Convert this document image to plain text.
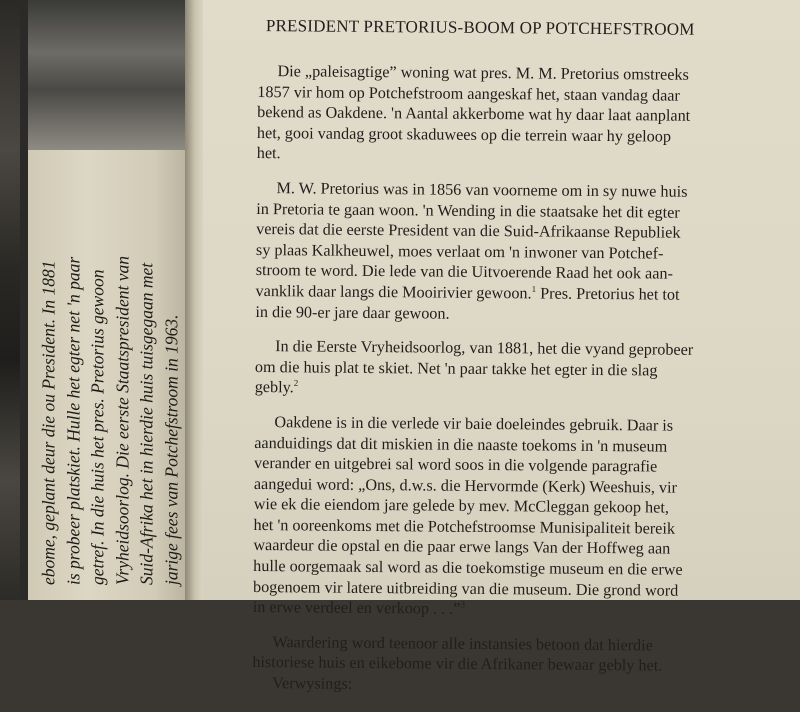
ebome, geplant deur die ou President. In 1881 is probeer platskiet. Hulle het egter net 'n paar getref. In die huis het pres. Pretorius gewoon Vryheidsoorlog. Die eerste Staatspresident van Suid-Afrika het in hierdie huis tuisgegaan met jarige fees van Potchefstroom in 1963.
PRESIDENT PRETORIUS-BOOM OP POTCHEFSTROOM
Die „paleisagtige” woning wat pres. M. M. Pretorius omstreeks
1857 vir hom op Potchefstroom aangeskaf het, staan vandag daar
bekend as Oakdene. 'n Aantal akkerbome wat hy daar laat aanplant
het, gooi vandag groot skaduwees op die terrein waar hy geloop
het.
M. W. Pretorius was in 1856 van voorneme om in sy nuwe huis
in Pretoria te gaan woon. 'n Wending in die staatsake het dit egter
vereis dat die eerste President van die Suid-Afrikaanse Republiek
sy plaas Kalkheuwel, moes verlaat om 'n inwoner van Potchef-
stroom te word. Die lede van die Uitvoerende Raad het ook aan-
vanklik daar langs die Mooirivier gewoon.$^1$ Pres. Pretorius het tot
in die 90-er jare daar gewoon.
In die Eerste Vryheidsoorlog, van 1881, het die vyand geprobeer
om die huis plat te skiet. Net 'n paar takke het egter in die slag
gebly.$^2$
Oakdene is in die verlede vir baie doeleindes gebruik. Daar is
aanduidings dat dit miskien in die naaste toekoms in 'n museum
verander en uitgebrei sal word soos in die volgende paragrafie
aangedui word: „Ons, d.w.s. die Hervormde (Kerk) Weeshuis, vir
wie ek die eiendom jare gelede by mev. McCleggan gekoop het,
het 'n ooreenkoms met die Potchefstroomse Munisipaliteit bereik
waardeur die opstal en die paar erwe langs Van der Hoffweg aan
hulle oorgemaak sal word as die toekomstige museum en die erwe
bogenoem vir latere uitbreiding van die museum. Die grond word
in erwe verdeel en verkoop . . .”$^3$
Waardering word teenoor alle instansies betoon dat hierdie
historiese huis en eikebome vir die Afrikaner bewaar gebly het.
Verwysings:
